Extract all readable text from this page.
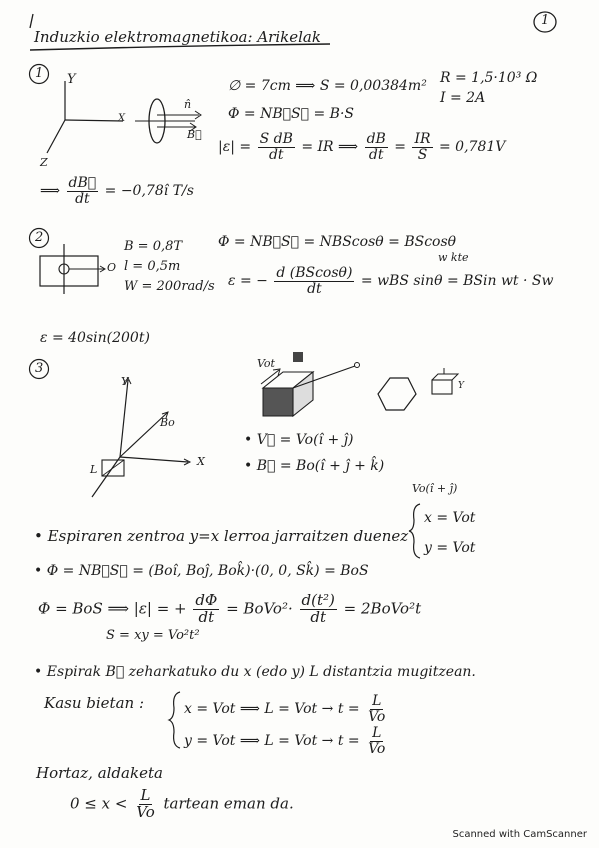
Induzkio elektromagnetikoa: Arikelak
1
1 Y
X
Z
n̂
B⃗
∅ = 7cm ⟹ S = 0,00384m² R = 1,5·10³ Ω
I = 2A
Φ = NB⃗S⃗ = B·S
$|\varepsilon| = \frac{\text{S dB}}{dt}$ = IR ⟹ $\frac{dB}{dt} = \frac{IR}{S} = 0,781V$
⟹ $\frac{dB⃗}{dt}$ = −0,78î T/s
2
O
B = 0,8T
l = 0,5m
W = 200rad/s
Φ = NB⃗S⃗ = NBScosθ = BScosθ
w kte
ε = − $\frac{d (BScos\theta)}{dt}$ = wBS sinθ = BSin wt · Sw
ε = 40sin(200t)
3
Y
X
L
Bo
Vot
Y
• V⃗ = Vo(î + ĵ)
• B⃗ = Bo(î + ĵ + k̂)
Vo(î + ĵ)
• Espiraren zentroa y=x lerroa jarraitzen duenez
x = Vot
y = Vot
• Φ = NB⃗S⃗ = (Boî, Boĵ, Bok̂)·(0, 0, Sk̂) = BoS
Φ = BoS ⟹ |ε| = + $\frac{d\Phi}{dt}$ = BoVo²· $\frac{\text{d(t²)}}{dt}$ = 2BoVo²t
S = xy = Vo²t²
• Espirak B⃗ zeharkatuko du x (edo y) L distantzia mugitzean.
Kasu bietan :	x = Vot ⟹ L = Vot → $t = \frac{L}{Vo}$
y = Vot ⟹ L = Vot → $t = \frac{L}{Vo}$
Hortaz, aldaketa
$0 \le x < \frac{L}{Vo}$ tartean eman da.
Scanned with CamScanner
